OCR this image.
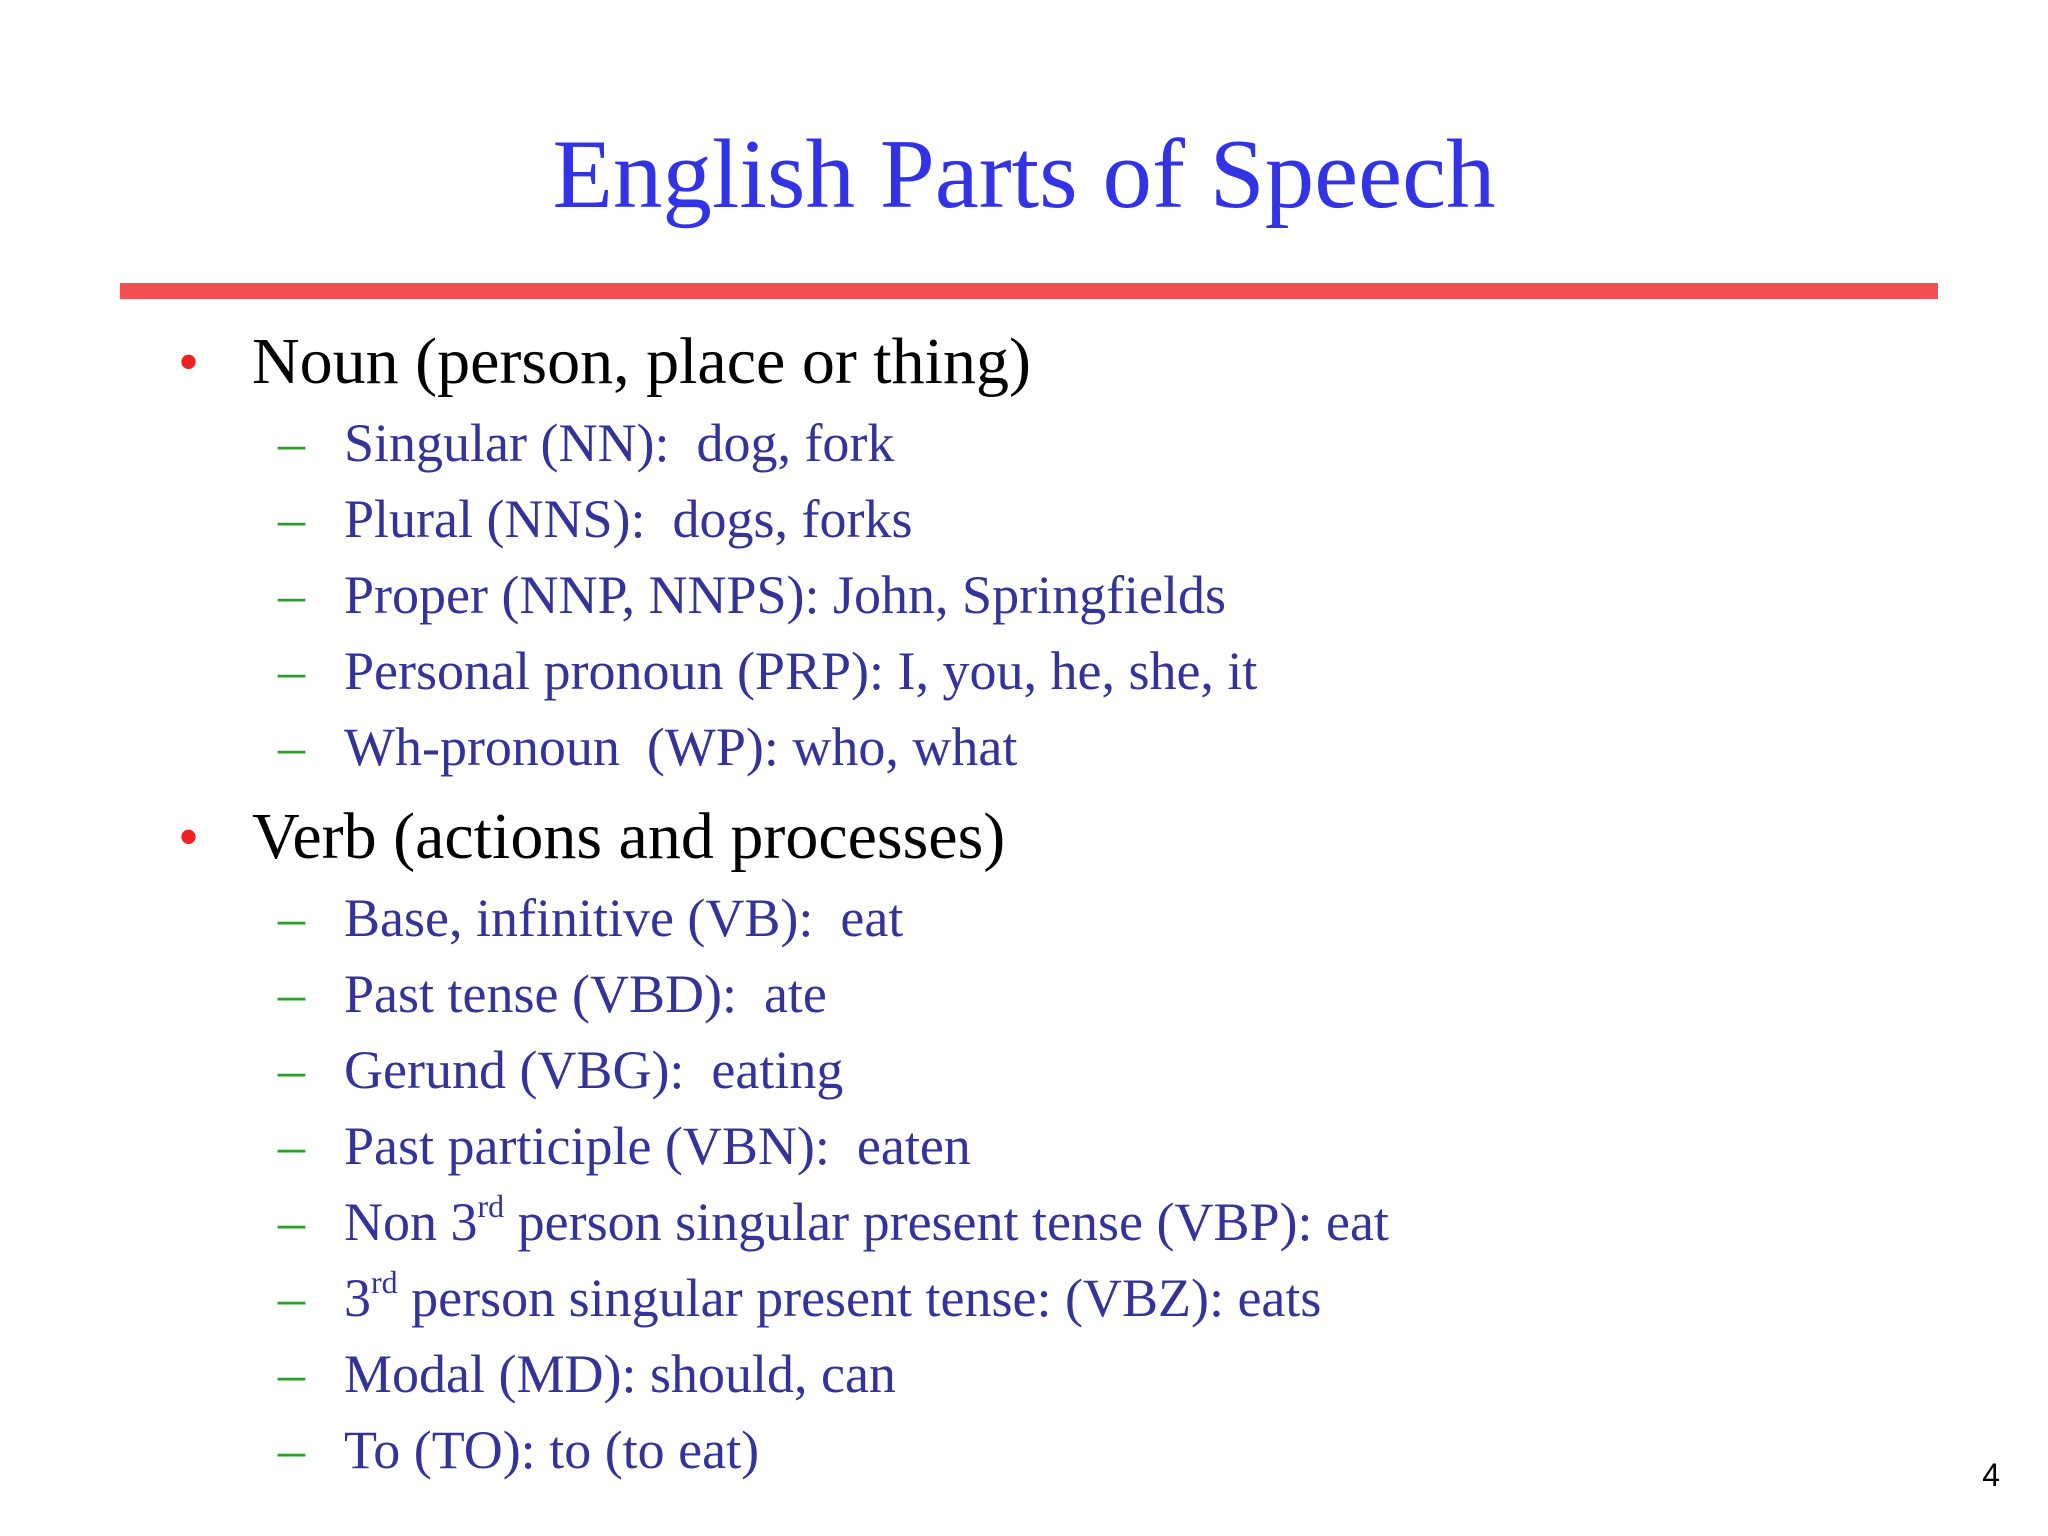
English Parts of Speech
• Noun (person, place or thing)
– Singular (NN):  dog, fork
– Plural (NNS):  dogs, forks
– Proper (NNP, NNPS): John, Springfields
– Personal pronoun (PRP): I, you, he, she, it
– Wh-pronoun  (WP): who, what
• Verb (actions and processes)
– Base, infinitive (VB):  eat
– Past tense (VBD):  ate
– Gerund (VBG):  eating
– Past participle (VBN):  eaten
– Non 3rd person singular present tense (VBP): eat
– 3rd person singular present tense: (VBZ): eats
– Modal (MD): should, can
– To (TO): to (to eat)	4
